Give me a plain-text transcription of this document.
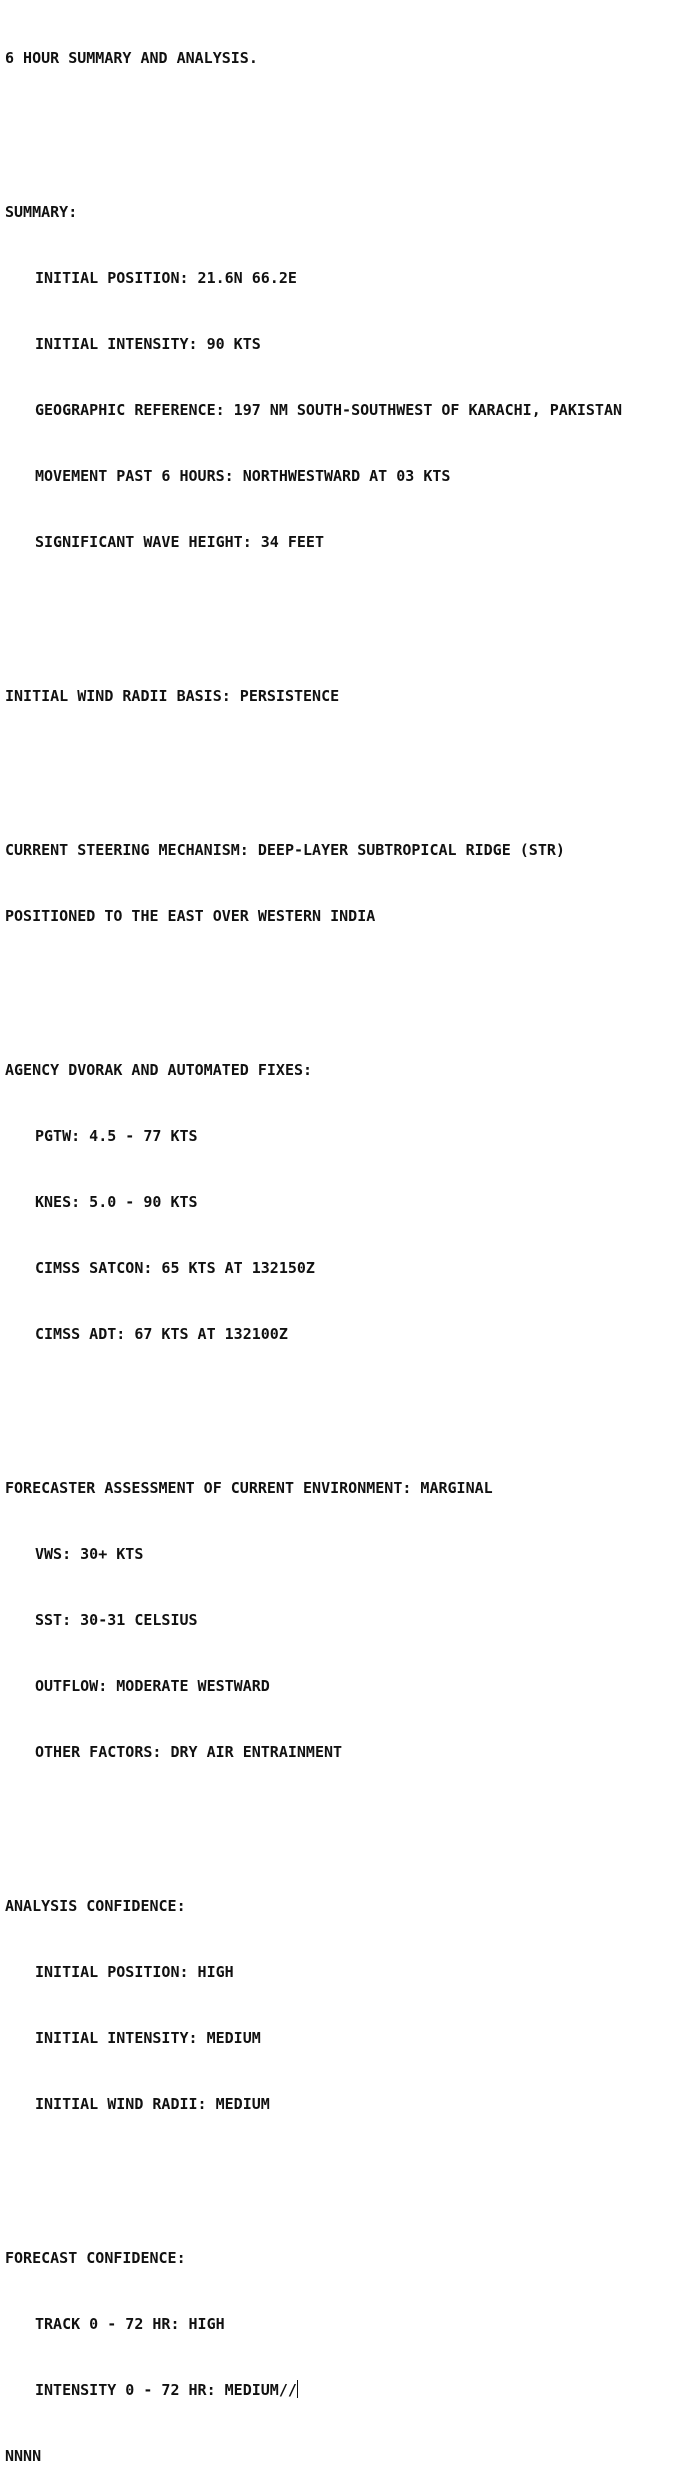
6 HOUR SUMMARY AND ANALYSIS.

SUMMARY:

INITIAL POSITION: 21.6N 66.2E

INITIAL INTENSITY: 90 KTS

GEOGRAPHIC REFERENCE: 197 NM SOUTH-SOUTHWEST OF KARACHI, PAKISTAN

MOVEMENT PAST 6 HOURS: NORTHWESTWARD AT 03 KTS

SIGNIFICANT WAVE HEIGHT: 34 FEET

INITIAL WIND RADII BASIS: PERSISTENCE

CURRENT STEERING MECHANISM: DEEP-LAYER SUBTROPICAL RIDGE (STR)

POSITIONED TO THE EAST OVER WESTERN INDIA

AGENCY DVORAK AND AUTOMATED FIXES:

PGTW: 4.5 - 77 KTS

KNES: 5.0 - 90 KTS

CIMSS SATCON: 65 KTS AT 132150Z

CIMSS ADT: 67 KTS AT 132100Z

FORECASTER ASSESSMENT OF CURRENT ENVIRONMENT: MARGINAL

VWS: 30+ KTS

SST: 30-31 CELSIUS

OUTFLOW: MODERATE WESTWARD

OTHER FACTORS: DRY AIR ENTRAINMENT

ANALYSIS CONFIDENCE:

INITIAL POSITION: HIGH

INITIAL INTENSITY: MEDIUM

INITIAL WIND RADII: MEDIUM

FORECAST CONFIDENCE:

TRACK 0 - 72 HR: HIGH

INTENSITY 0 - 72 HR: MEDIUM//

NNNN
